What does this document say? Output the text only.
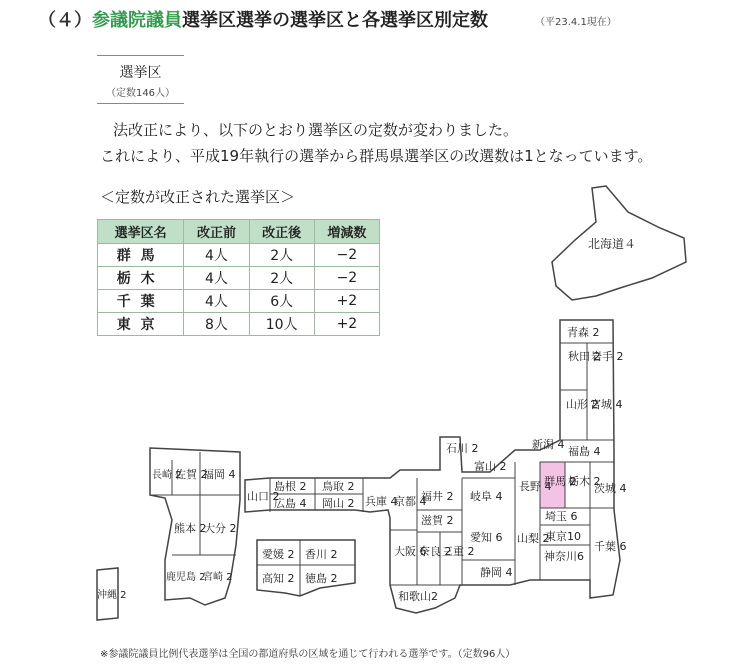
（４）参議院議員選挙区選挙の選挙区と各選挙区別定数	（平23.4.1現在）
選挙区
（定数146人）
法改正により、以下のとおり選挙区の定数が変わりました。
これにより、平成19年執行の選挙から群馬県選挙区の改選数は1となっています。
＜定数が改正された選挙区＞
選挙区名	改正前	改正後	増減数
群馬	4人	2人	−2
栃木	4人	2人	−2
千葉	4人	6人	+2
東京	8人	10人	+2
北海道４
青森 2
秋田 2
岩手 2
山形 2
宮城 4
新潟 4
福島 4
石川 2
富山 2
長野 4
群馬 2
栃木 2
茨城 4
福井 2 岐阜 4
山梨 2
埼玉 6
東京10
千葉 6
神奈川6
滋賀 2
愛知 6
静岡 4
京都 4
大阪 6
奈良 2
三重 2
和歌山2
兵庫 4
鳥取 2
岡山 2
島根 2
広島 4
山口 2
香川 2
愛媛 2
徳島 2
高知 2
福岡 4
佐賀 2
長崎 2
熊本 2
大分 2
鹿児島 2
宮崎 2
沖縄 2
※参議院議員比例代表選挙は全国の都道府県の区域を通じて行われる選挙です。（定数96人）
